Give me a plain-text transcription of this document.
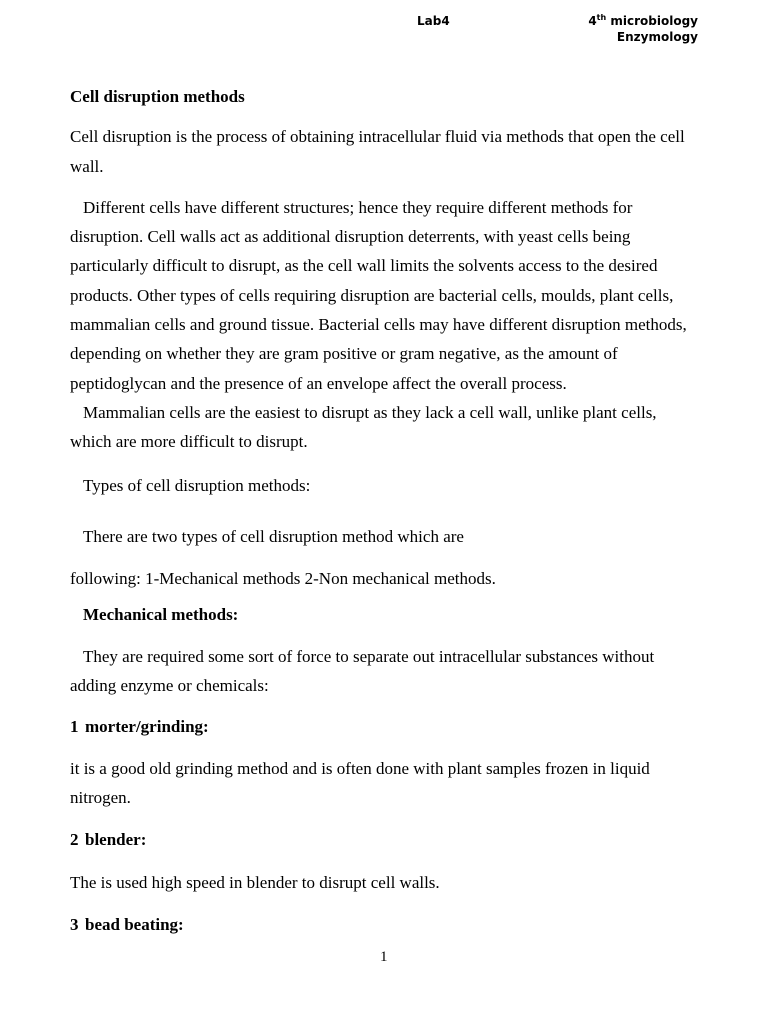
Lab4	4th microbiology
Enzymology

Cell disruption methods

Cell disruption is the process of obtaining intracellular fluid via methods that open the cell wall.

Different cells have different structures; hence they require different methods for disruption. Cell walls act as additional disruption deterrents, with yeast cells being particularly difficult to disrupt, as the cell wall limits the solvents access to the desired products. Other types of cells requiring disruption are bacterial cells, moulds, plant cells, mammalian cells and ground tissue. Bacterial cells may have different disruption methods, depending on whether they are gram positive or gram negative, as the amount of peptidoglycan and the presence of an envelope affect the overall process.

Mammalian cells are the easiest to disrupt as they lack a cell wall, unlike plant cells, which are more difficult to disrupt.

Types of cell disruption methods:

There are two types of cell disruption method which are

following: 1-Mechanical methods 2-Non mechanical methods.

Mechanical methods:

They are required some sort of force to separate out intracellular substances without adding enzyme or chemicals:

1 morter/grinding:

it is a good old grinding method and is often done with plant samples frozen in liquid nitrogen.

2 blender:

The is used high speed in blender to disrupt cell walls.

3 bead beating:

1
